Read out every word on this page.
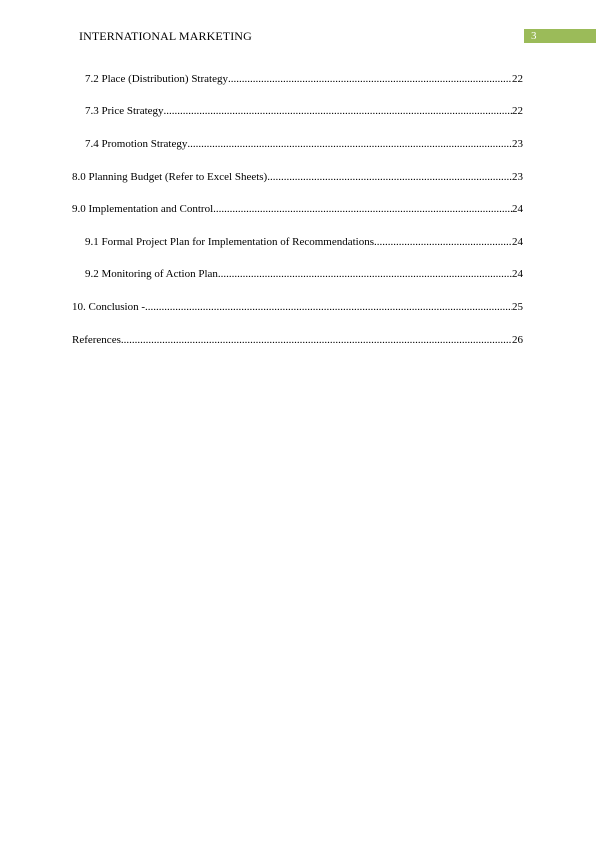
INTERNATIONAL MARKETING	3
7.2 Place (Distribution) Strategy .....	22
7.3 Price Strategy .....	22
7.4 Promotion Strategy .....	23
8.0 Planning Budget (Refer to Excel Sheets) .....	23
9.0 Implementation and Control .....	24
9.1 Formal Project Plan for Implementation of Recommendations .....	24
9.2 Monitoring of Action Plan .....	24
10. Conclusion - .....	25
References .....	26
